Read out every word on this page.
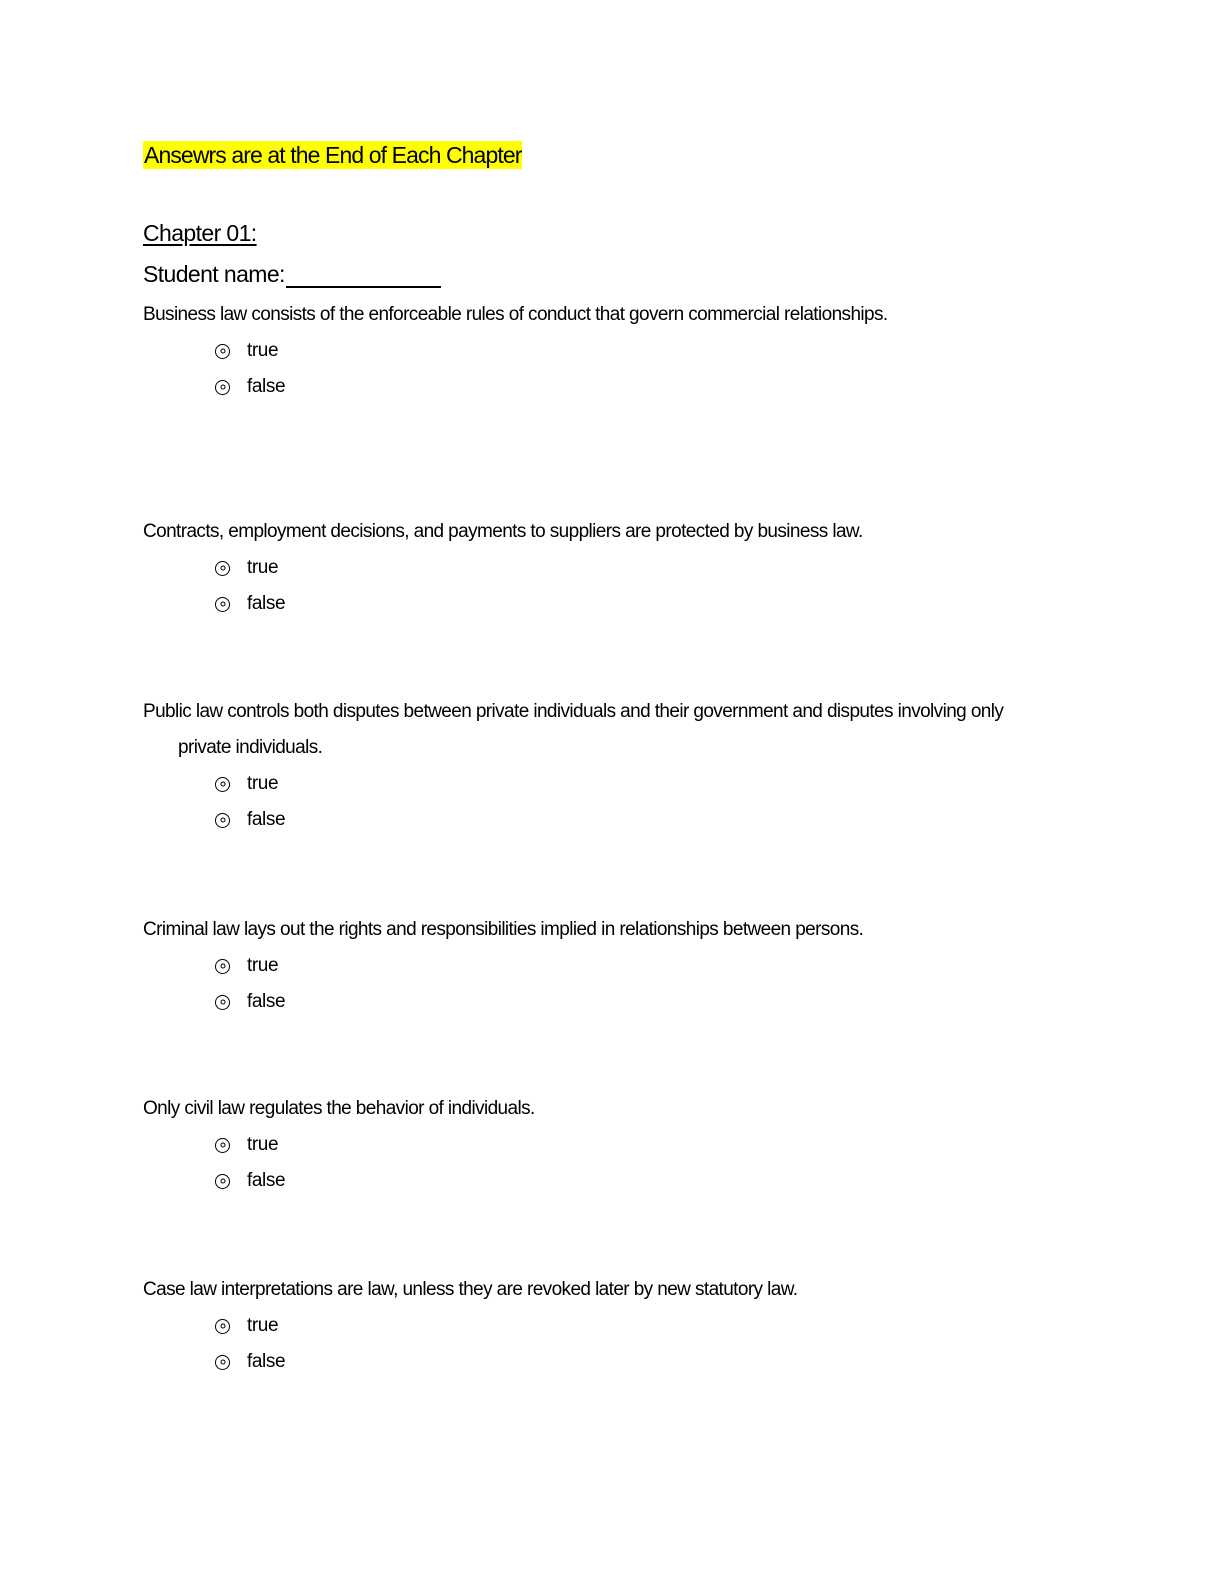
Ansewrs are at the End of Each Chapter
Chapter 01:
Student name:

Business law consists of the enforceable rules of conduct that govern commercial relationships.

true
false

Contracts, employment decisions, and payments to suppliers are protected by business law.

true
false

Public law controls both disputes between private individuals and their government and disputes involving only private individuals.

true
false

Criminal law lays out the rights and responsibilities implied in relationships between persons.

true
false

Only civil law regulates the behavior of individuals.

true
false

Case law interpretations are law, unless they are revoked later by new statutory law.

true
false
